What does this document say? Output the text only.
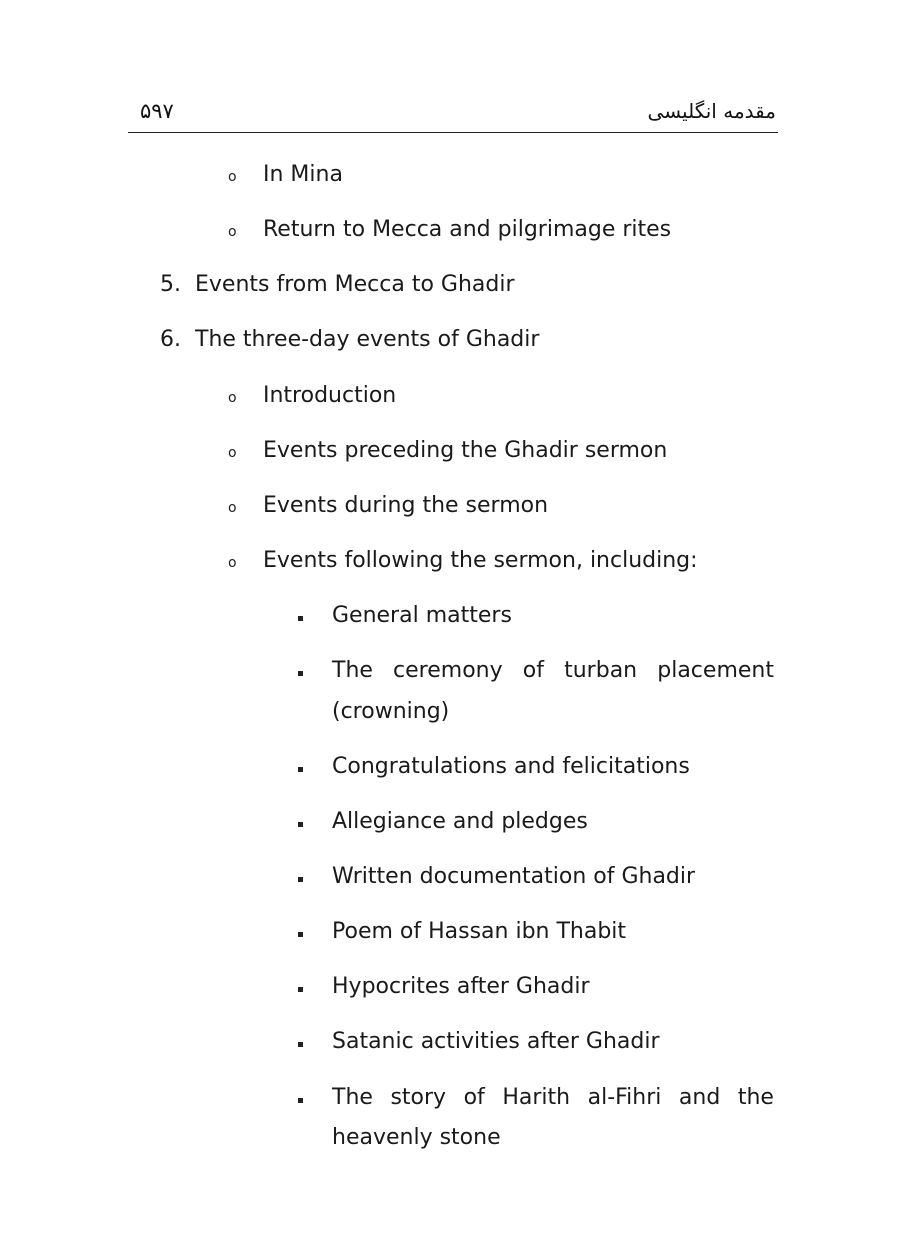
۵۹۷	مقدمه انگلیسی
o In Mina
o Return to Mecca and pilgrimage rites
5. Events from Mecca to Ghadir
6. The three-day events of Ghadir
o Introduction
o Events preceding the Ghadir sermon
o Events during the sermon
o Events following the sermon, including:
General matters
The ceremony of turban placement
(crowning)
Congratulations and felicitations
Allegiance and pledges
Written documentation of Ghadir
Poem of Hassan ibn Thabit
Hypocrites after Ghadir
Satanic activities after Ghadir
The story of Harith al-Fihri and the
heavenly stone
